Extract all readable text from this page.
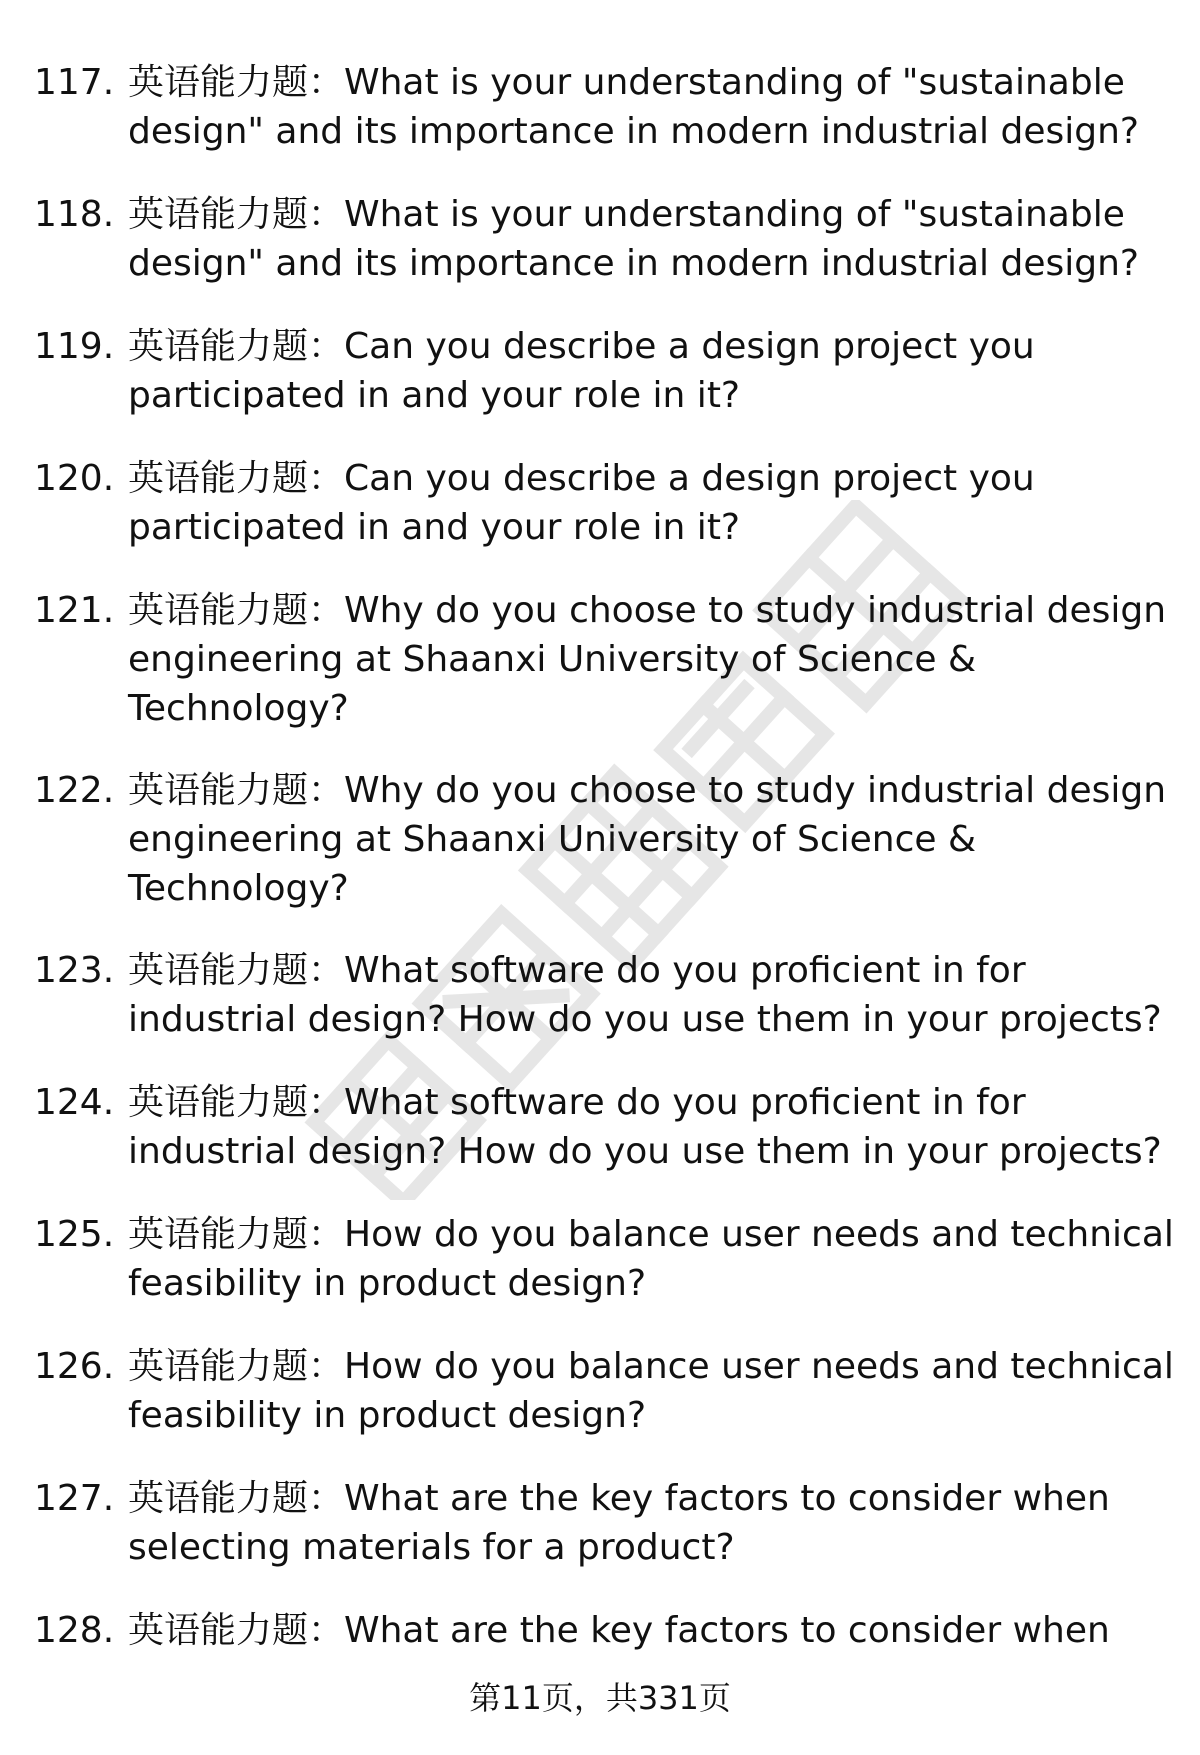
117. 英语能力题：What is your understanding of "sustainable
design" and its importance in modern industrial design?
118. 英语能力题：What is your understanding of "sustainable
design" and its importance in modern industrial design?
119. 英语能力题：Can you describe a design project you
participated in and your role in it?
120. 英语能力题：Can you describe a design project you
participated in and your role in it?
121. 英语能力题：Why do you choose to study industrial design
engineering at Shaanxi University of Science &
Technology?
122. 英语能力题：Why do you choose to study industrial design
engineering at Shaanxi University of Science &
Technology?
123. 英语能力题：What software do you proficient in for
industrial design? How do you use them in your projects?
124. 英语能力题：What software do you proficient in for
industrial design? How do you use them in your projects?
125. 英语能力题：How do you balance user needs and technical
feasibility in product design?
126. 英语能力题：How do you balance user needs and technical
feasibility in product design?
127. 英语能力题：What are the key factors to consider when
selecting materials for a product?
128. 英语能力题：What are the key factors to consider when
第11页，共331页
